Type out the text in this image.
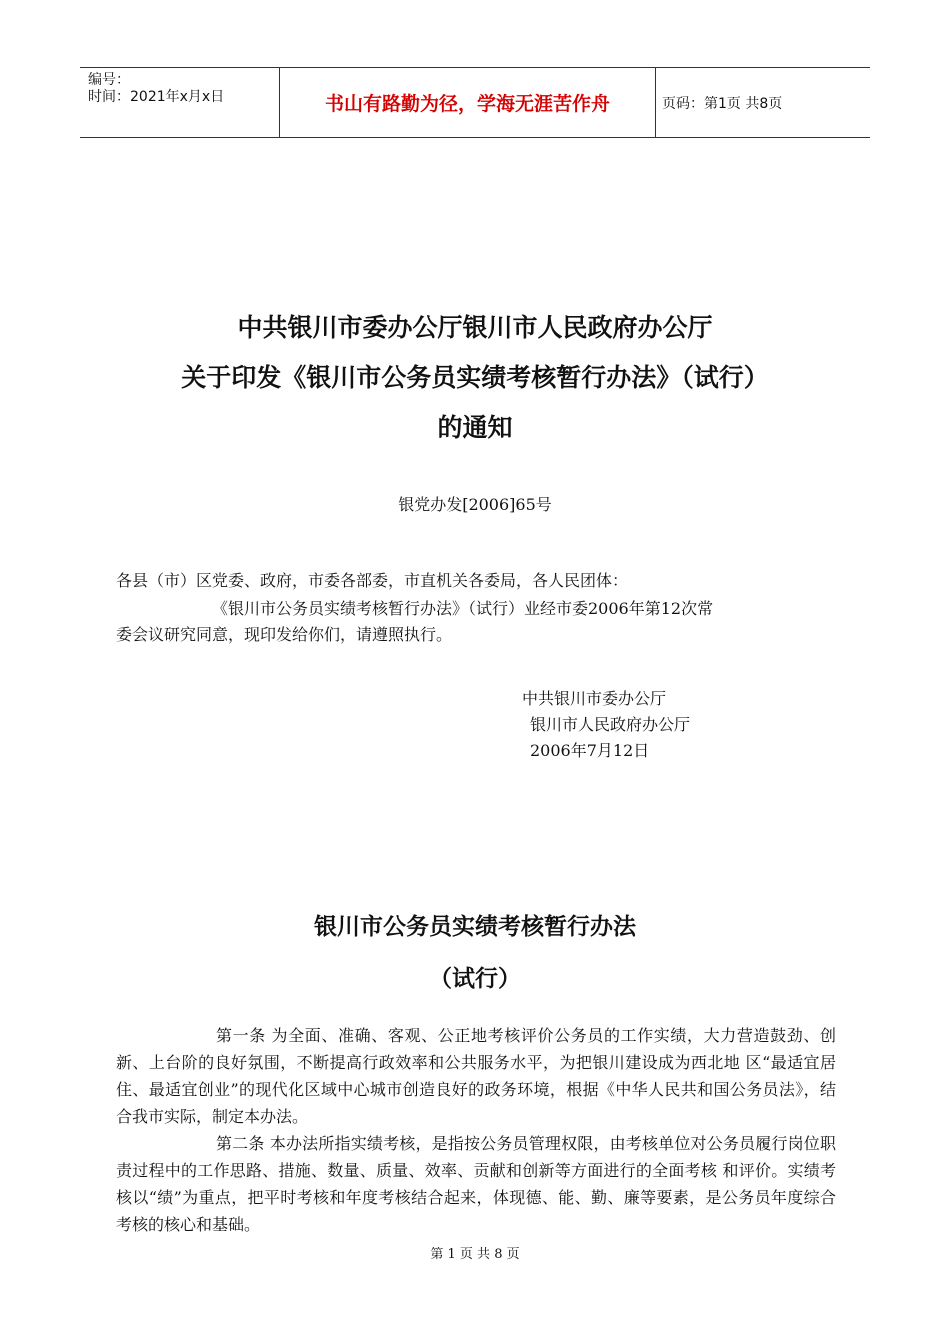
编号：
时间：2021年x月x日	书山有路勤为径，学海无涯苦作舟	页码：第1页 共8页
中共银川市委办公厅银川市人民政府办公厅
关于印发《银川市公务员实绩考核暂行办法》（试行）
的通知
银党办发[2006]65号
各县（市）区党委、政府，市委各部委，市直机关各委局，各人民团体：
《银川市公务员实绩考核暂行办法》（试行）业经市委2006年第12次常
委会议研究同意，现印发给你们，请遵照执行。
中共银川市委办公厅
银川市人民政府办公厅
2006年7月12日
银川市公务员实绩考核暂行办法
（试行）
第一条 为全面、准确、客观、公正地考核评价公务员的工作实绩，大力营造鼓劲、创新、上台阶的良好氛围，不断提高行政效率和公共服务水平，为把银川建设成为西北地 区“最适宜居住、最适宜创业”的现代化区域中心城市创造良好的政务环境，根据《中华人民共和国公务员法》，结合我市实际，制定本办法。
第二条 本办法所指实绩考核，是指按公务员管理权限，由考核单位对公务员履行岗位职责过程中的工作思路、措施、数量、质量、效率、贡献和创新等方面进行的全面考核 和评价。实绩考核以“绩”为重点，把平时考核和年度考核结合起来，体现德、能、勤、廉等要素，是公务员年度综合考核的核心和基础。
第 1 页 共 8 页
